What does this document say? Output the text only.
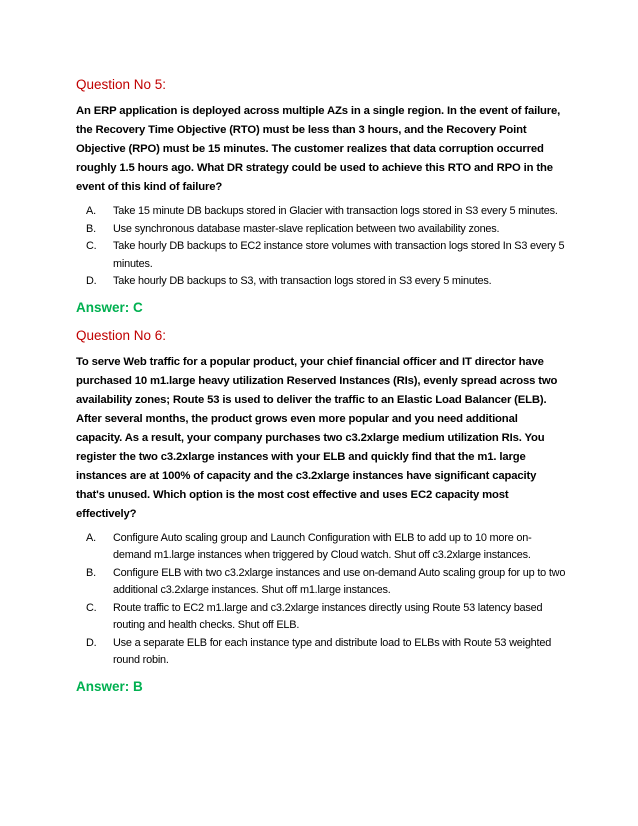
Question No 5:
An ERP application is deployed across multiple AZs in a single region. In the event of failure, the Recovery Time Objective (RTO) must be less than 3 hours, and the Recovery Point Objective (RPO) must be 15 minutes. The customer realizes that data corruption occurred roughly 1.5 hours ago. What DR strategy could be used to achieve this RTO and RPO in the event of this kind of failure?
A. Take 15 minute DB backups stored in Glacier with transaction logs stored in S3 every 5 minutes.
B. Use synchronous database master-slave replication between two availability zones.
C. Take hourly DB backups to EC2 instance store volumes with transaction logs stored In S3 every 5 minutes.
D. Take hourly DB backups to S3, with transaction logs stored in S3 every 5 minutes.
Answer: C
Question No 6:
To serve Web traffic for a popular product, your chief financial officer and IT director have purchased 10 m1.large heavy utilization Reserved Instances (RIs), evenly spread across two availability zones; Route 53 is used to deliver the traffic to an Elastic Load Balancer (ELB). After several months, the product grows even more popular and you need additional capacity. As a result, your company purchases two c3.2xlarge medium utilization RIs. You register the two c3.2xlarge instances with your ELB and quickly find that the m1. large instances are at 100% of capacity and the c3.2xlarge instances have significant capacity that's unused. Which option is the most cost effective and uses EC2 capacity most effectively?
A. Configure Auto scaling group and Launch Configuration with ELB to add up to 10 more on-demand m1.large instances when triggered by Cloud watch. Shut off c3.2xlarge instances.
B. Configure ELB with two c3.2xlarge instances and use on-demand Auto scaling group for up to two additional c3.2xlarge instances. Shut off m1.large instances.
C. Route traffic to EC2 m1.large and c3.2xlarge instances directly using Route 53 latency based routing and health checks. Shut off ELB.
D. Use a separate ELB for each instance type and distribute load to ELBs with Route 53 weighted round robin.
Answer: B
